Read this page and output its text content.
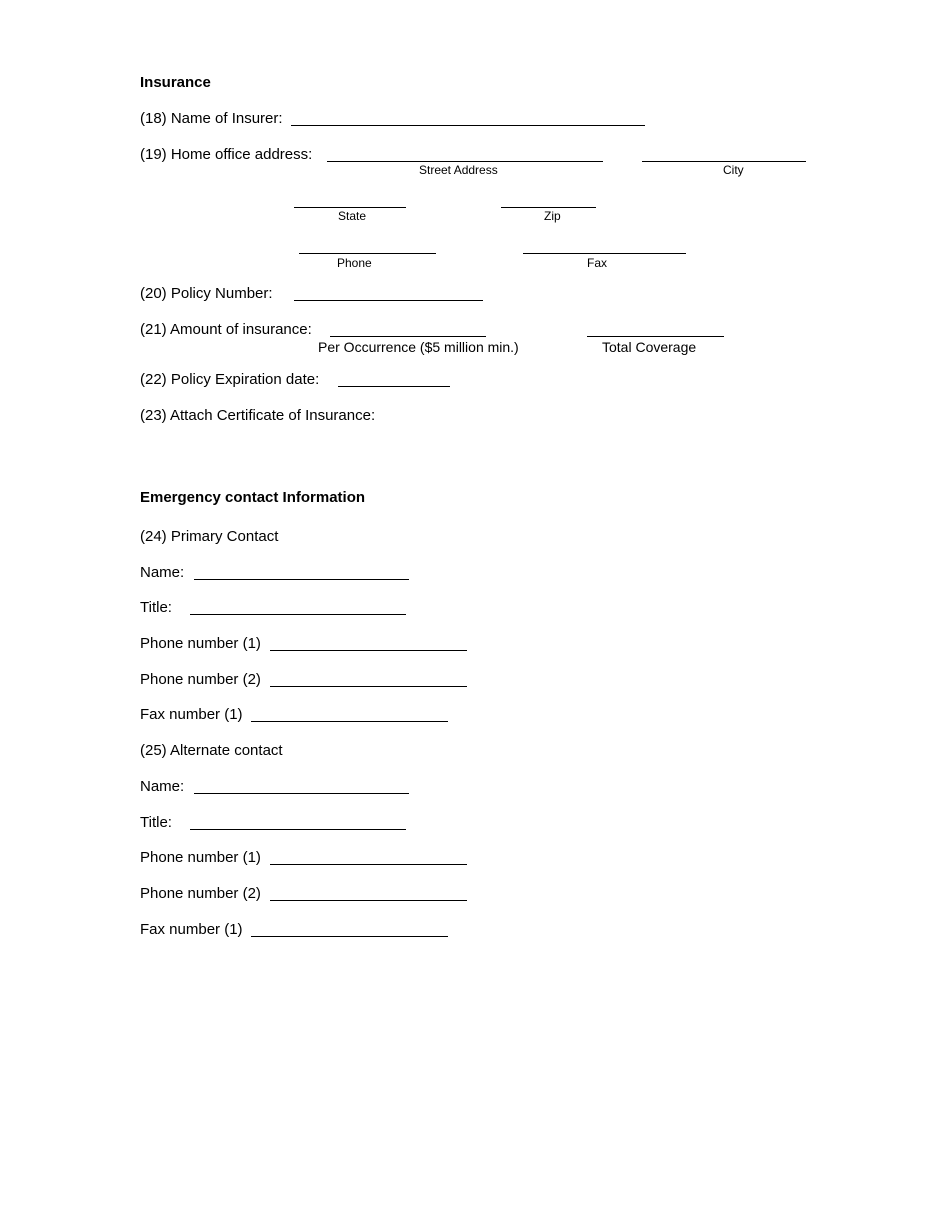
Insurance
(18) Name of Insurer:
(19) Home office address:
Street Address	City
State	Zip
Phone	Fax
(20) Policy Number:
(21) Amount of insurance:
Per Occurrence ($5 million min.)	Total Coverage
(22) Policy Expiration date:
(23) Attach Certificate of Insurance:
Emergency contact Information
(24) Primary Contact
Name:
Title:
Phone number (1)
Phone number (2)
Fax number (1)
(25) Alternate contact
Name:
Title:
Phone number (1)
Phone number (2)
Fax number (1)
